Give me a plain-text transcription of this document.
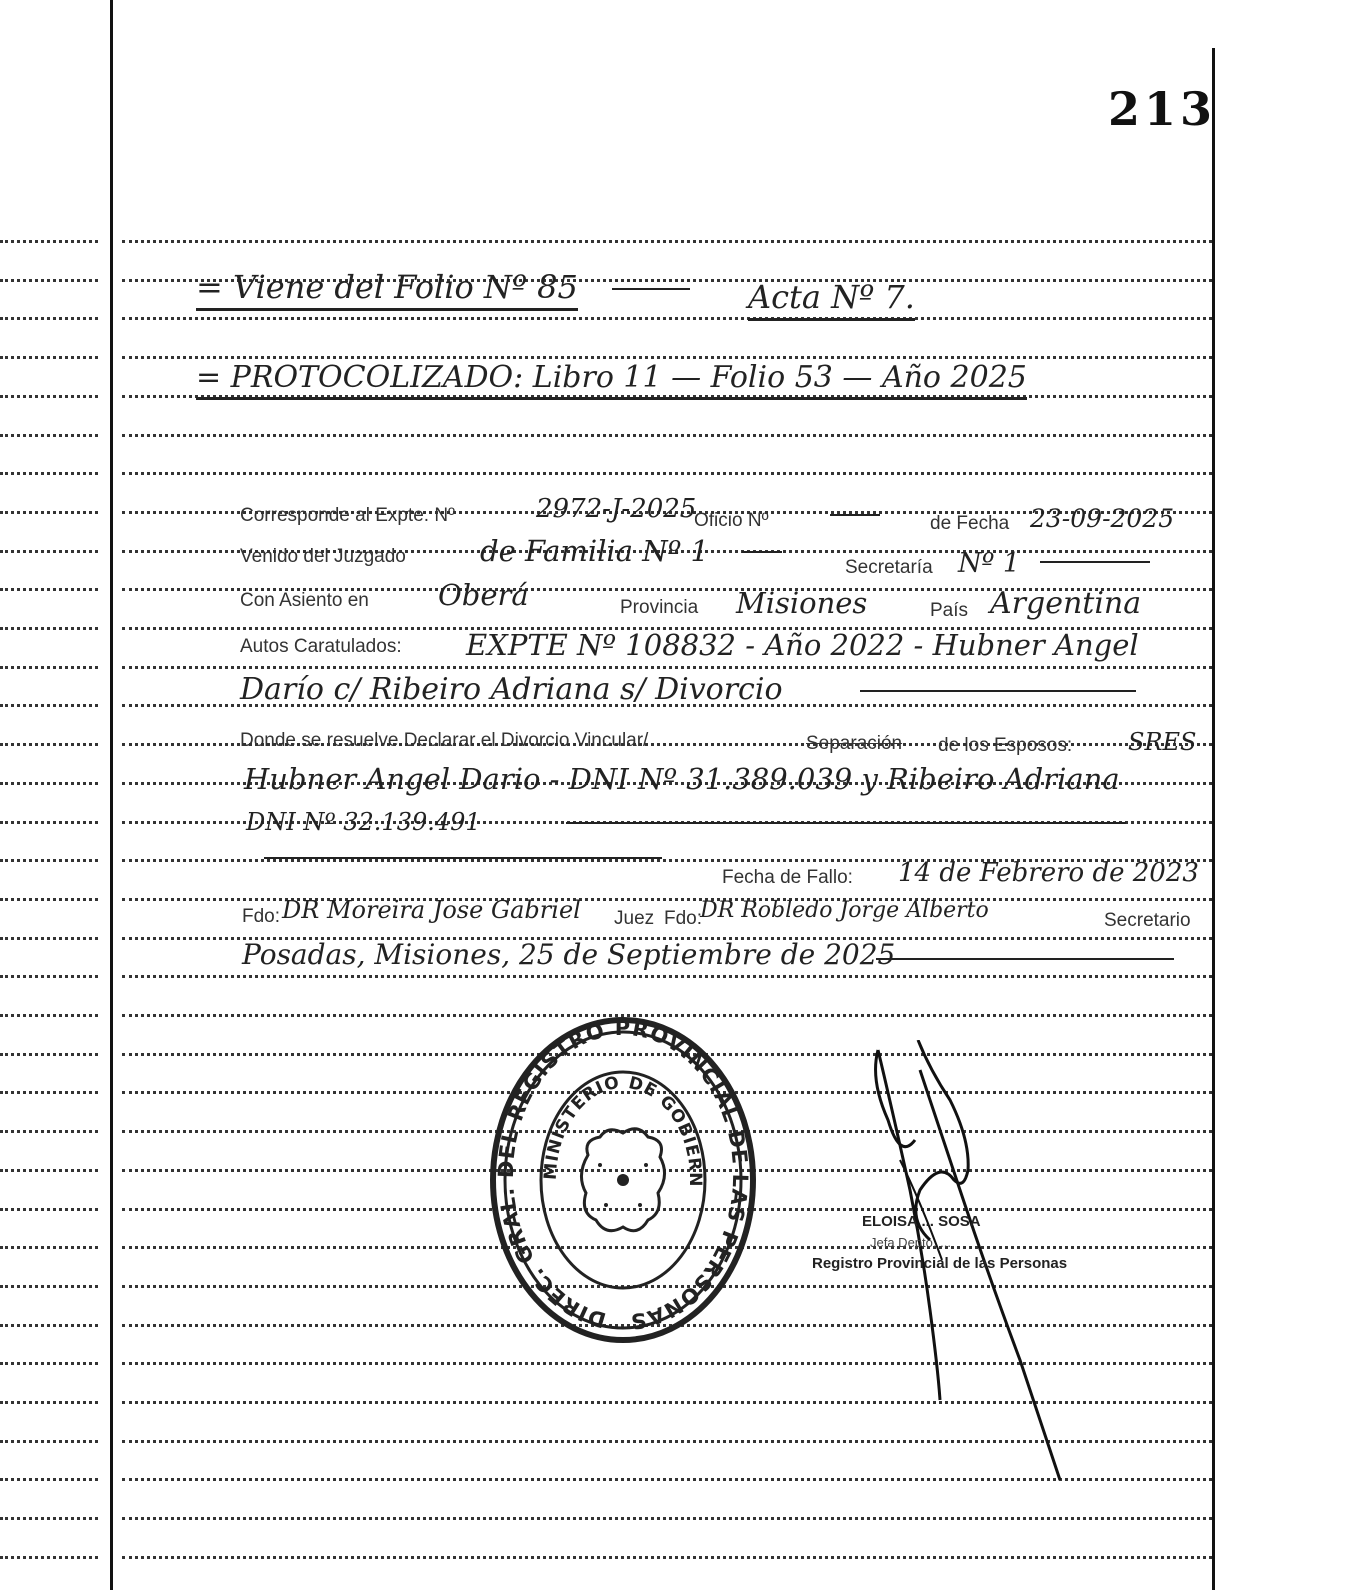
213
= Viene del Folio Nº 85	Acta Nº 7.
= PROTOCOLIZADO: Libro 11 — Folio 53 — Año 2025
Corresponde al Expte. Nº	2972-J-2025
Oficio Nº	de Fecha 23-09-2025
Venido del Juzgado	de Familia Nº 1	Secretaría Nº 1
Con Asiento en Oberá	Provincia Misiones	País Argentina
Autos Caratulados: EXPTE Nº 108832 - Año 2022 - Hubner Angel
Darío c/ Ribeiro Adriana s/ Divorcio
Donde se resuelve Declarar el Divorcio Vincular/	Separación de los Esposos: SRES
Hubner Angel Dario - DNI Nº 31.389.039 y Ribeiro Adriana
DNI Nº 32.139.491
Fecha de Fallo: 14 de Febrero de 2023
Fdo: DR Moreira Jose Gabriel Juez Fdo:
DR Robledo Jorge Alberto	Secretario
Posadas, Misiones, 25 de Septiembre de 2025
DIREC. GRAL. DEL REGISTRO PROVINCIAL DE LAS PERSONAS
MINISTERIO DE GOBIERN
ELOISA ... SOSA
Jefa Depto. ...
Registro Provincial de las Personas
